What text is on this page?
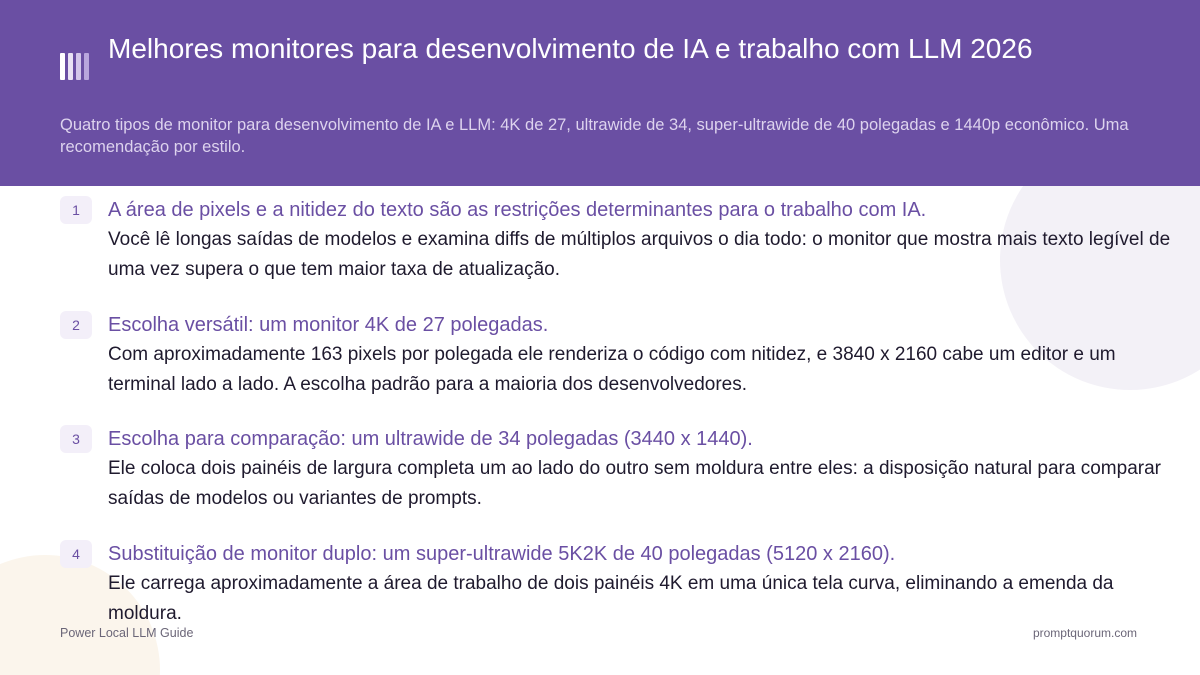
Melhores monitores para desenvolvimento de IA e trabalho com LLM 2026

Quatro tipos de monitor para desenvolvimento de IA e LLM: 4K de 27, ultrawide de 34, super-ultrawide de 40 polegadas e 1440p econômico. Uma recomendação por estilo.

1	A área de pixels e a nitidez do texto são as restrições determinantes para o trabalho com IA.
Você lê longas saídas de modelos e examina diffs de múltiplos arquivos o dia todo: o monitor que mostra mais texto legível de uma vez supera o que tem maior taxa de atualização.
2	Escolha versátil: um monitor 4K de 27 polegadas.
Com aproximadamente 163 pixels por polegada ele renderiza o código com nitidez, e 3840 x 2160 cabe um editor e um terminal lado a lado. A escolha padrão para a maioria dos desenvolvedores.
3	Escolha para comparação: um ultrawide de 34 polegadas (3440 x 1440).
Ele coloca dois painéis de largura completa um ao lado do outro sem moldura entre eles: a disposição natural para comparar saídas de modelos ou variantes de prompts.
4	Substituição de monitor duplo: um super-ultrawide 5K2K de 40 polegadas (5120 x 2160).
Ele carrega aproximadamente a área de trabalho de dois painéis 4K em uma única tela curva, eliminando a emenda da moldura.
Power Local LLM Guide	promptquorum.com
